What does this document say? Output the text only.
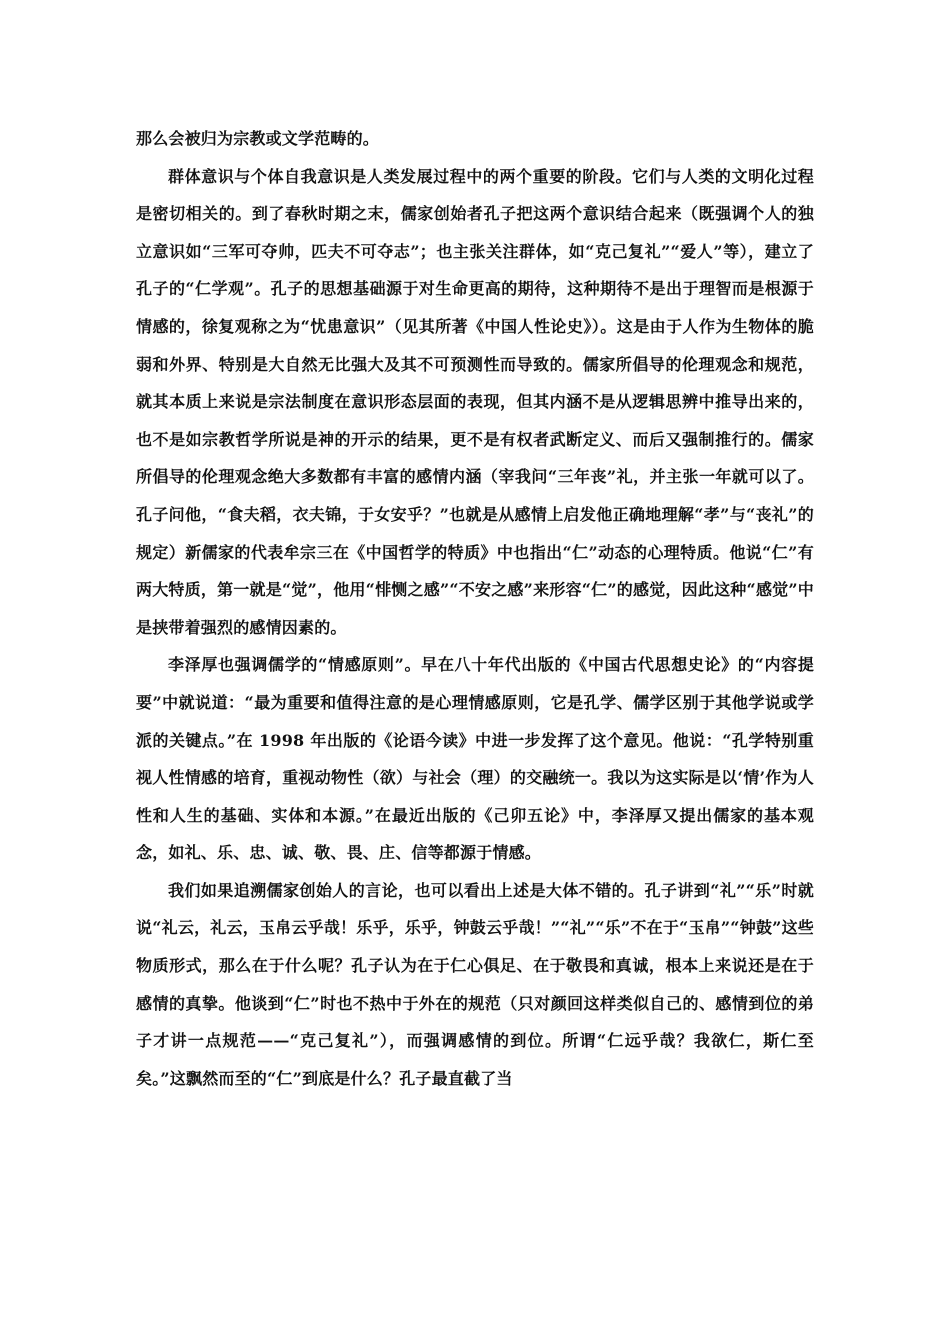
那么会被归为宗教或文学范畴的。

群体意识与个体自我意识是人类发展过程中的两个重要的阶段。它们与人类的文明化过程是密切相关的。到了春秋时期之末，儒家创始者孔子把这两个意识结合起来（既强调个人的独立意识如“三军可夺帅，匹夫不可夺志”；也主张关注群体，如“克己复礼”“爱人”等），建立了孔子的“仁学观”。孔子的思想基础源于对生命更高的期待，这种期待不是出于理智而是根源于情感的，徐复观称之为“忧患意识”（见其所著《中国人性论史》）。这是由于人作为生物体的脆弱和外界、特别是大自然无比强大及其不可预测性而导致的。儒家所倡导的伦理观念和规范，就其本质上来说是宗法制度在意识形态层面的表现，但其内涵不是从逻辑思辨中推导出来的，也不是如宗教哲学所说是神的开示的结果，更不是有权者武断定义、而后又强制推行的。儒家所倡导的伦理观念绝大多数都有丰富的感情内涵（宰我问“三年丧”礼，并主张一年就可以了。孔子问他，“食夫稻，衣夫锦，于女安乎？”也就是从感情上启发他正确地理解“孝”与“丧礼”的规定）新儒家的代表牟宗三在《中国哲学的特质》中也指出“仁”动态的心理特质。他说“仁”有两大特质，第一就是“觉”，他用“悱恻之感”“不安之感”来形容“仁”的感觉，因此这种“感觉”中是挟带着强烈的感情因素的。

李泽厚也强调儒学的“情感原则”。早在八十年代出版的《中国古代思想史论》的“内容提要”中就说道：“最为重要和值得注意的是心理情感原则，它是孔学、儒学区别于其他学说或学派的关键点。”在 1998 年出版的《论语今读》中进一步发挥了这个意见。他说：“孔学特别重视人性情感的培育，重视动物性（欲）与社会（理）的交融统一。我以为这实际是以‘情’作为人性和人生的基础、实体和本源。”在最近出版的《己卯五论》中，李泽厚又提出儒家的基本观念，如礼、乐、忠、诚、敬、畏、庄、信等都源于情感。

我们如果追溯儒家创始人的言论，也可以看出上述是大体不错的。孔子讲到“礼”“乐”时就说“礼云，礼云，玉帛云乎哉！乐乎，乐乎，钟鼓云乎哉！”“礼”“乐”不在于“玉帛”“钟鼓”这些物质形式，那么在于什么呢？孔子认为在于仁心俱足、在于敬畏和真诚，根本上来说还是在于感情的真挚。他谈到“仁”时也不热中于外在的规范（只对颜回这样类似自己的、感情到位的弟子才讲一点规范——“克己复礼”），而强调感情的到位。所谓“仁远乎哉？我欲仁，斯仁至矣。”这飘然而至的“仁”到底是什么？孔子最直截了当
